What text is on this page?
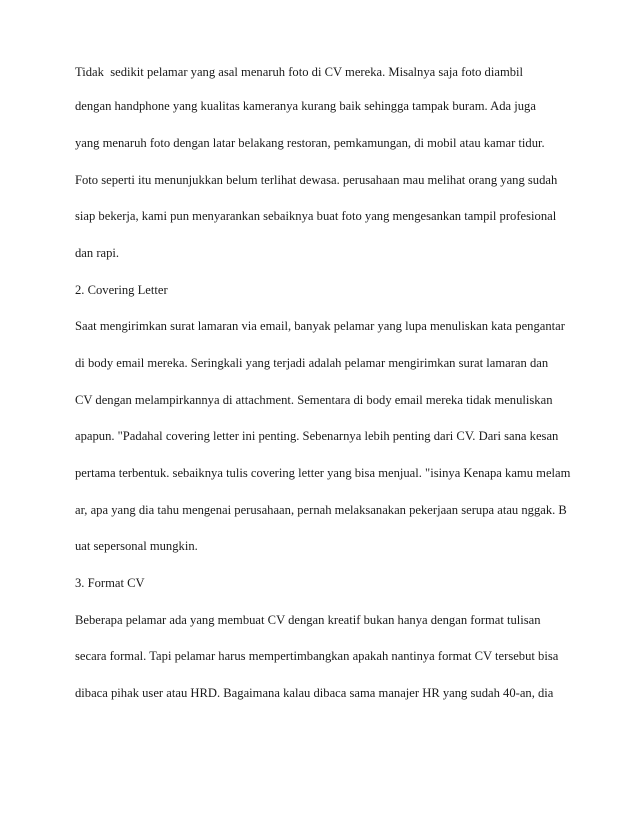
Tidak  sedikit pelamar yang asal menaruh foto di CV mereka. Misalnya saja foto diambil
dengan handphone yang kualitas kameranya kurang baik sehingga tampak buram. Ada juga
yang menaruh foto dengan latar belakang restoran, pemkamungan, di mobil atau kamar tidur.
Foto seperti itu menunjukkan belum terlihat dewasa. perusahaan mau melihat orang yang sudah
siap bekerja, kami pun menyarankan sebaiknya buat foto yang mengesankan tampil profesional
dan rapi.
2. Covering Letter
Saat mengirimkan surat lamaran via email, banyak pelamar yang lupa menuliskan kata pengantar
di body email mereka. Seringkali yang terjadi adalah pelamar mengirimkan surat lamaran dan
CV dengan melampirkannya di attachment. Sementara di body email mereka tidak menuliskan
apapun. "Padahal covering letter ini penting. Sebenarnya lebih penting dari CV. Dari sana kesan
pertama terbentuk. sebaiknya tulis covering letter yang bisa menjual. "isinya Kenapa kamu melam
ar, apa yang dia tahu mengenai perusahaan, pernah melaksanakan pekerjaan serupa atau nggak. B
uat sepersonal mungkin.
3. Format CV
Beberapa pelamar ada yang membuat CV dengan kreatif bukan hanya dengan format tulisan
secara formal. Tapi pelamar harus mempertimbangkan apakah nantinya format CV tersebut bisa
dibaca pihak user atau HRD. Bagaimana kalau dibaca sama manajer HR yang sudah 40-an, dia
